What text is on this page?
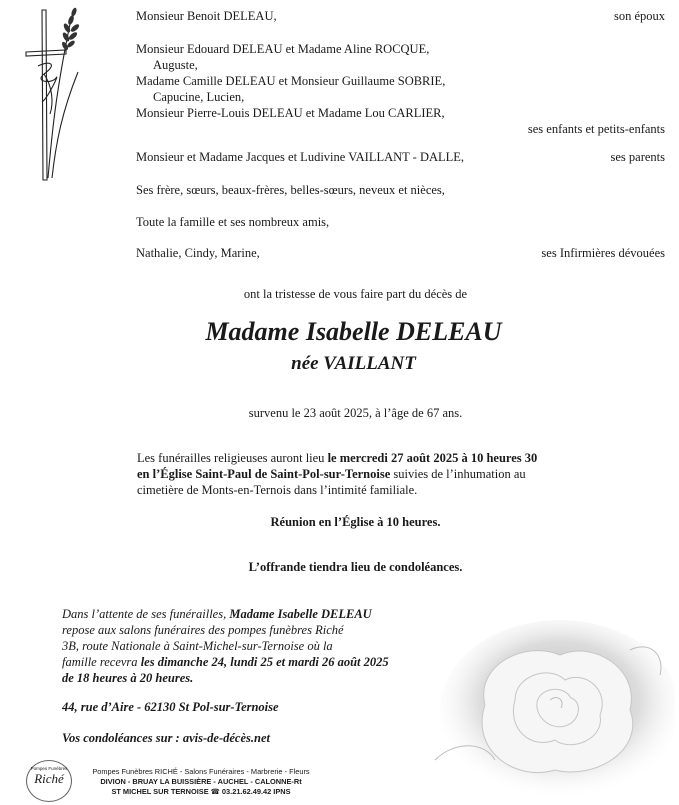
Monsieur Benoit DELEAU,	son époux
Monsieur Edouard DELEAU et Madame Aline ROCQUE,
Auguste,
Madame Camille DELEAU et Monsieur Guillaume SOBRIE,
Capucine, Lucien,
Monsieur Pierre-Louis DELEAU et Madame Lou CARLIER,
ses enfants et petits-enfants
Monsieur et Madame Jacques et Ludivine VAILLANT - DALLE,	ses parents
Ses frère, sœurs, beaux-frères, belles-sœurs, neveux et nièces,
Toute la famille et ses nombreux amis,
Nathalie, Cindy, Marine,	ses Infirmières dévouées
ont la tristesse de vous faire part du décès de
Madame Isabelle DELEAU
née VAILLANT
survenu le 23 août 2025, à l’âge de 67 ans.
Les funérailles religieuses auront lieu le mercredi 27 août 2025 à 10 heures 30
en l’Église Saint-Paul de Saint-Pol-sur-Ternoise suivies de l’inhumation au
cimetière de Monts-en-Ternois dans l’intimité familiale.
Réunion en l’Église à 10 heures.
L’offrande tiendra lieu de condoléances.
Dans l’attente de ses funérailles, Madame Isabelle DELEAU
repose aux salons funéraires des pompes funèbres Riché
3B, route Nationale à Saint-Michel-sur-Ternoise où la
famille recevra les dimanche 24, lundi 25 et mardi 26 août 2025
de 18 heures à 20 heures.
44, rue d’Aire - 62130 St Pol-sur-Ternoise
Vos condoléances sur : avis-de-décès.net
Pompes Funèbres
Riché	Pompes Funèbres RICHÉ - Salons Funéraires - Marbrerie - Fleurs
DIVION - BRUAY LA BUISSIÈRE - AUCHEL - CALONNE-Rt
ST MICHEL SUR TERNOISE ☎ 03.21.62.49.42 IPNS
